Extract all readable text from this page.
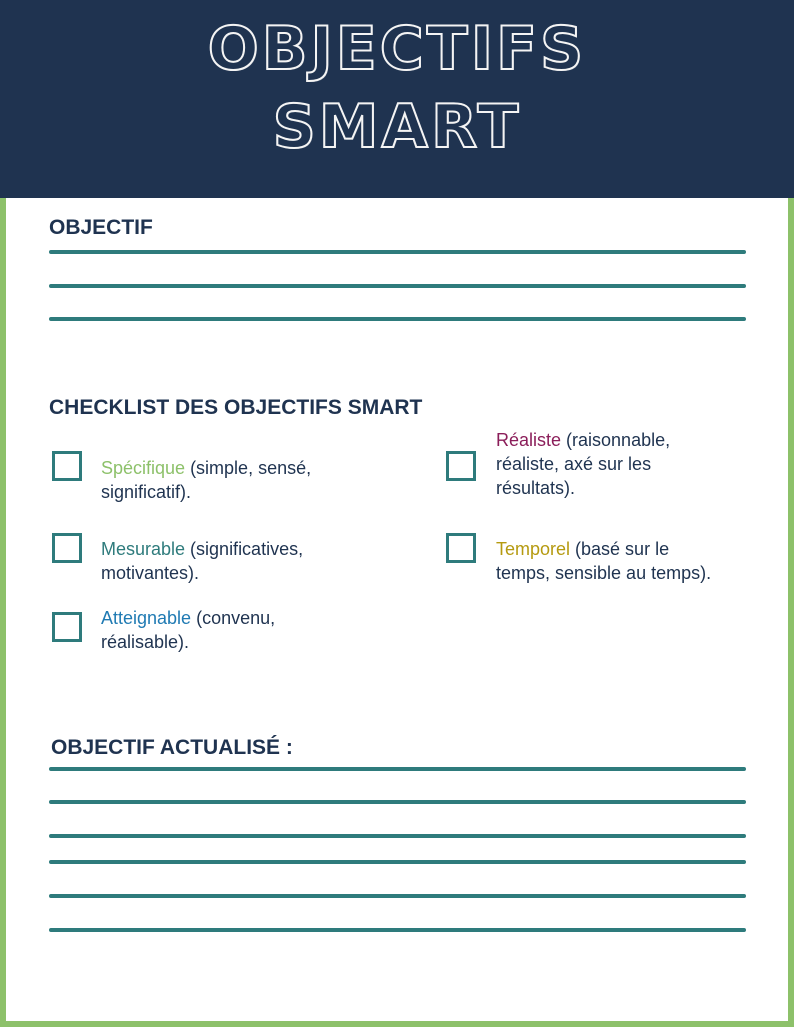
OBJECTIFS
SMART
OBJECTIF
CHECKLIST DES OBJECTIFS SMART
Spécifique (simple, sensé, significatif).
Mesurable (significatives, motivantes).
Atteignable (convenu, réalisable).
Réaliste (raisonnable, réaliste, axé sur les résultats).
Temporel (basé sur le temps, sensible au temps).
OBJECTIF ACTUALISÉ :
